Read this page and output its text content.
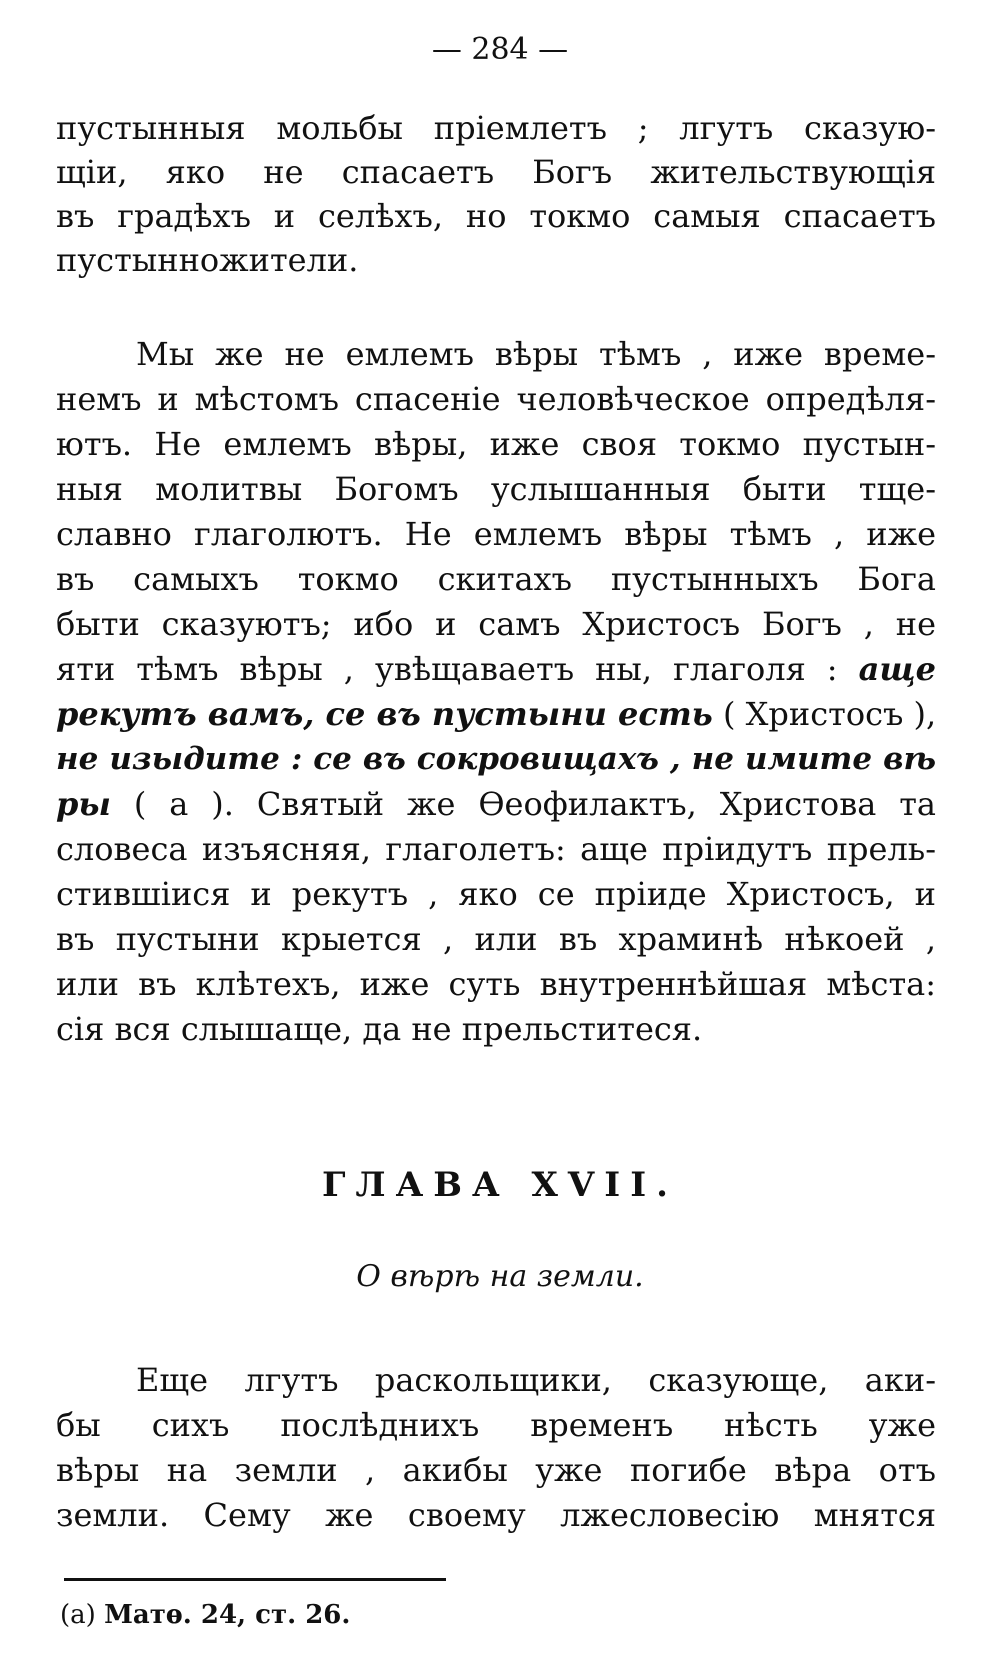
— 284 —
пустынныя мольбы пріемлетъ ; лгутъ сказую-
щіи, яко не спасаетъ Богъ жительствующія
въ градѣхъ и селѣхъ, но токмо самыя спасаетъ
пустынножители.
Мы же не емлемъ вѣры тѣмъ , иже време-
немъ и мѣстомъ спасеніе человѣческое опредѣля-
ютъ. Не емлемъ вѣры, иже своя токмо пустын-
ныя молитвы Богомъ услышанныя быти тще-
славно глаголютъ. Не емлемъ вѣры тѣмъ , иже
въ самыхъ токмо скитахъ пустынныхъ Бога
быти сказуютъ; ибо и самъ Христосъ Богъ , не
яти тѣмъ вѣры , увѣщаваетъ ны, глаголя : аще
рекутъ вамъ, се въ пустыни есть ( Христосъ ),
не изыдите : се въ сокровищахъ , не имите вѣ
ры ( а ). Святый же Ѳеофилактъ, Христова та
словеса изъясняя, глаголетъ: аще пріидутъ прель-
стившіися и рекутъ , яко се пріиде Христосъ, и
въ пустыни крыется , или въ храминѣ нѣкоей ,
или въ клѣтехъ, иже суть внутреннѣйшая мѣста:
сія вся слышаще, да не прельститеся.
ГЛАВА XVII.
О вѣрѣ на земли.
Еще лгутъ раскольщики, сказующе, аки-
бы сихъ послѣднихъ временъ нѣсть уже
вѣры на земли , акибы уже погибе вѣра отъ
земли. Сему же своему лжесловесію мнятся
(а) Матѳ. 24, ст. 26.
